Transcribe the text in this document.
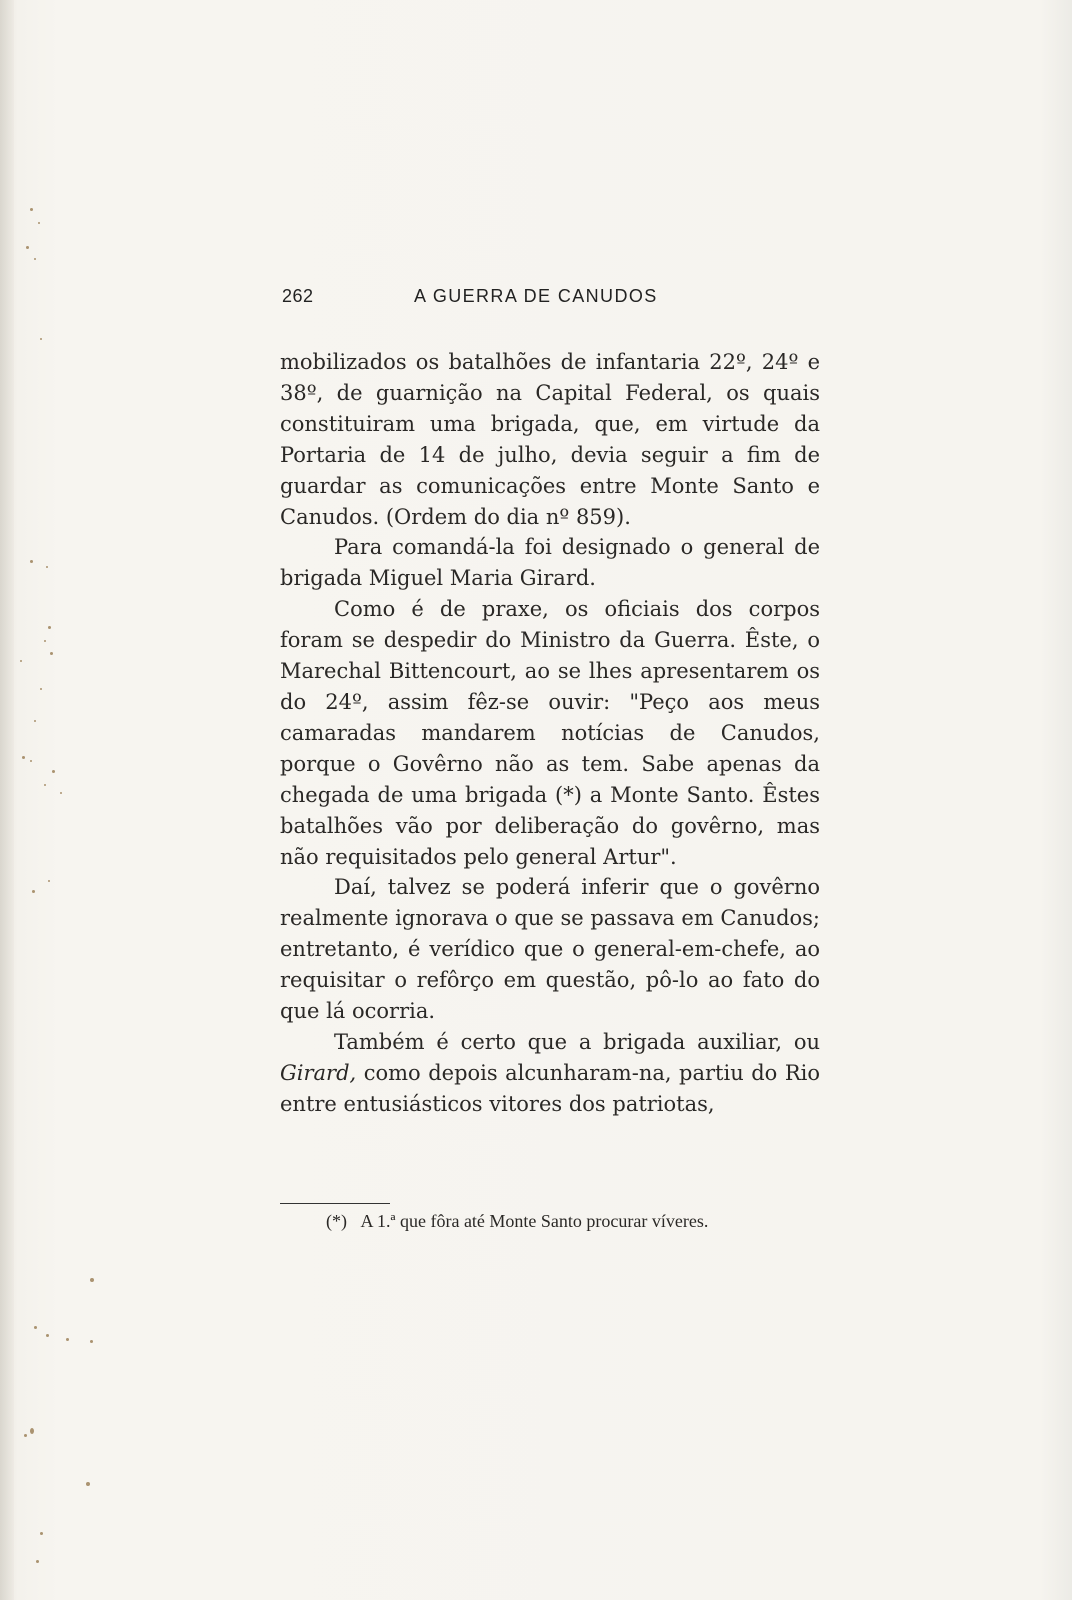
262	A GUERRA DE CANUDOS

mobilizados os batalhões de infantaria 22º, 24º e 38º, de guarnição na Capital Federal, os quais constituiram uma brigada, que, em virtude da Portaria de 14 de julho, devia seguir a fim de guardar as comunicações entre Monte Santo e Canudos. (Ordem do dia nº 859).

Para comandá-la foi designado o general de brigada Miguel Maria Girard.

Como é de praxe, os oficiais dos corpos foram se despedir do Ministro da Guerra. Êste, o Marechal Bittencourt, ao se lhes apresentarem os do 24º, assim fêz-se ouvir: "Peço aos meus camaradas mandarem notícias de Canudos, porque o Govêrno não as tem. Sabe apenas da chegada de uma brigada (*) a Monte Santo. Êstes batalhões vão por deliberação do govêrno, mas não requisitados pelo general Artur".

Daí, talvez se poderá inferir que o govêrno realmente ignorava o que se passava em Canudos; entretanto, é verídico que o general-em-chefe, ao requisitar o refôrço em questão, pô-lo ao fato do que lá ocorria.

Também é certo que a brigada auxiliar, ou Girard, como depois alcunharam-na, partiu do Rio entre entusiásticos vitores dos patriotas,

(*) A 1.ª que fôra até Monte Santo procurar víveres.
